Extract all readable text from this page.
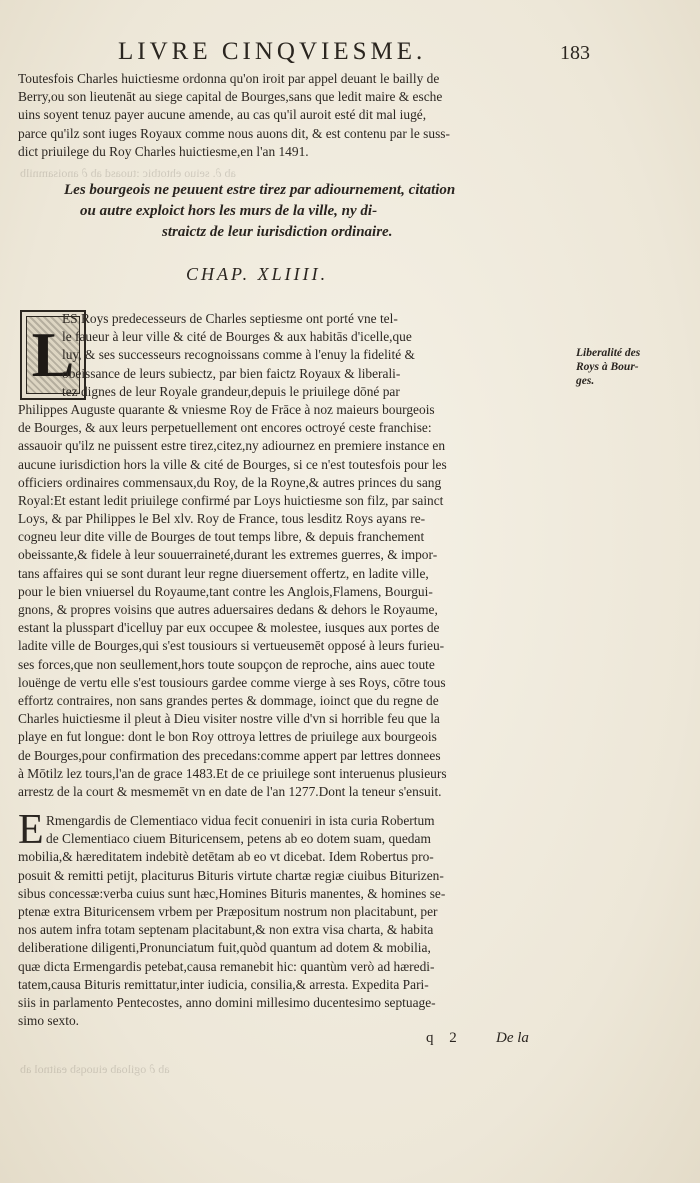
LIVRE CINQVIESME.	183
Toutesfois Charles huictiesme ordonna qu'on iroit par appel deuant le bailly de
Berry,ou son lieutenāt au siege capital de Bourges,sans que ledit maire & esche
uins soyent tenuz payer aucune amende, au cas qu'il auroit esté dit mal iugé,
parce qu'ilz sont iuges Royaux comme nous auons dit, & est contenu par le suss-
dict priuilege du Roy Charles huictiesme,en l'an 1491.
ab ∂. seiuo ehtotbic :tuoasd ab ∂ anoisamnilb
Les bourgeois ne peuuent estre tirez par adiournement, citation
ou autre exploict hors les murs de la ville, ny di-
straictz de leur iurisdiction ordinaire.
CHAP. XLIIII.
L	Liberalité des
Roys à Bour-
ges.
ES Roys predecesseurs de Charles septiesme ont porté vne tel-
le faueur à leur ville & cité de Bourges & aux habitās d'icelle,que
luy, & ses successeurs recognoissans comme à l'enuy la fidelité &
obeissance de leurs subiectz, par bien faictz Royaux & liberali-
tez dignes de leur Royale grandeur,depuis le priuilege dōné par
Philippes Auguste quarante & vniesme Roy de Frāce à noz maieurs bourgeois
de Bourges, & aux leurs perpetuellement ont encores octroyé ceste franchise:
assauoir qu'ilz ne puissent estre tirez,citez,ny adiournez en premiere instance en
aucune iurisdiction hors la ville & cité de Bourges, si ce n'est toutesfois pour les
officiers ordinaires commensaux,du Roy, de la Royne,& autres princes du sang
Royal:Et estant ledit priuilege confirmé par Loys huictiesme son filz, par sainct
Loys, & par Philippes le Bel xlv. Roy de France, tous lesditz Roys ayans re-
cogneu leur dite ville de Bourges de tout temps libre, & depuis franchement
obeissante,& fidele à leur souuerraineté,durant les extremes guerres, & impor-
tans affaires qui se sont durant leur regne diuersement offertz, en ladite ville,
pour le bien vniuersel du Royaume,tant contre les Anglois,Flamens, Bourgui-
gnons, & propres voisins que autres aduersaires dedans & dehors le Royaume,
estant la plusspart d'icelluy par eux occupee & molestee, iusques aux portes de
ladite ville de Bourges,qui s'est tousiours si vertueusemēt opposé à leurs furieu-
ses forces,que non seullement,hors toute soupçon de reproche, ains auec toute
louënge de vertu elle s'est tousiours gardee comme vierge à ses Roys, cōtre tous
effortz contraires, non sans grandes pertes & dommage, ioinct que du regne de
Charles huictiesme il pleut à Dieu visiter nostre ville d'vn si horrible feu que la
playe en fut longue: dont le bon Roy ottroya lettres de priuilege aux bourgeois
de Bourges,pour confirmation des precedans:comme appert par lettres donnees
à Mōtilz lez tours,l'an de grace 1483.Et de ce priuilege sont interuenus plusieurs
arrestz de la court & mesmemēt vn en date de l'an 1277.Dont la teneur s'ensuit.
E Rmengardis de Clementiaco vidua fecit conueniri in ista curia Robertum
de Clementiaco ciuem Bituricensem, petens ab eo dotem suam, quedam
mobilia,& hæreditatem indebitè detētam ab eo vt dicebat. Idem Robertus pro-
posuit & remitti petijt, placiturus Bituris virtute chartæ regiæ ciuibus Biturizen-
sibus concessæ:verba cuius sunt hæc,Homines Bituris manentes, & homines se-
ptenæ extra Bituricensem vrbem per Præpositum nostrum non placitabunt, per
nos autem infra totam septenam placitabunt,& non extra visa charta, & habita
deliberatione diligenti,Pronunciatum fuit,quòd quantum ad dotem & mobilia,
quæ dicta Ermengardis petebat,causa remanebit hic: quantùm verò ad hæredi-
tatem,causa Bituris remittatur,inter iudicia, consilia,& arresta. Expedita Pari-
siis in parlamento Pentecostes, anno domini millesimo ducentesimo septuage-
simo sexto.
q 2 De la
ab ∂ ogiloab eiuoqsb eaitnol ab
